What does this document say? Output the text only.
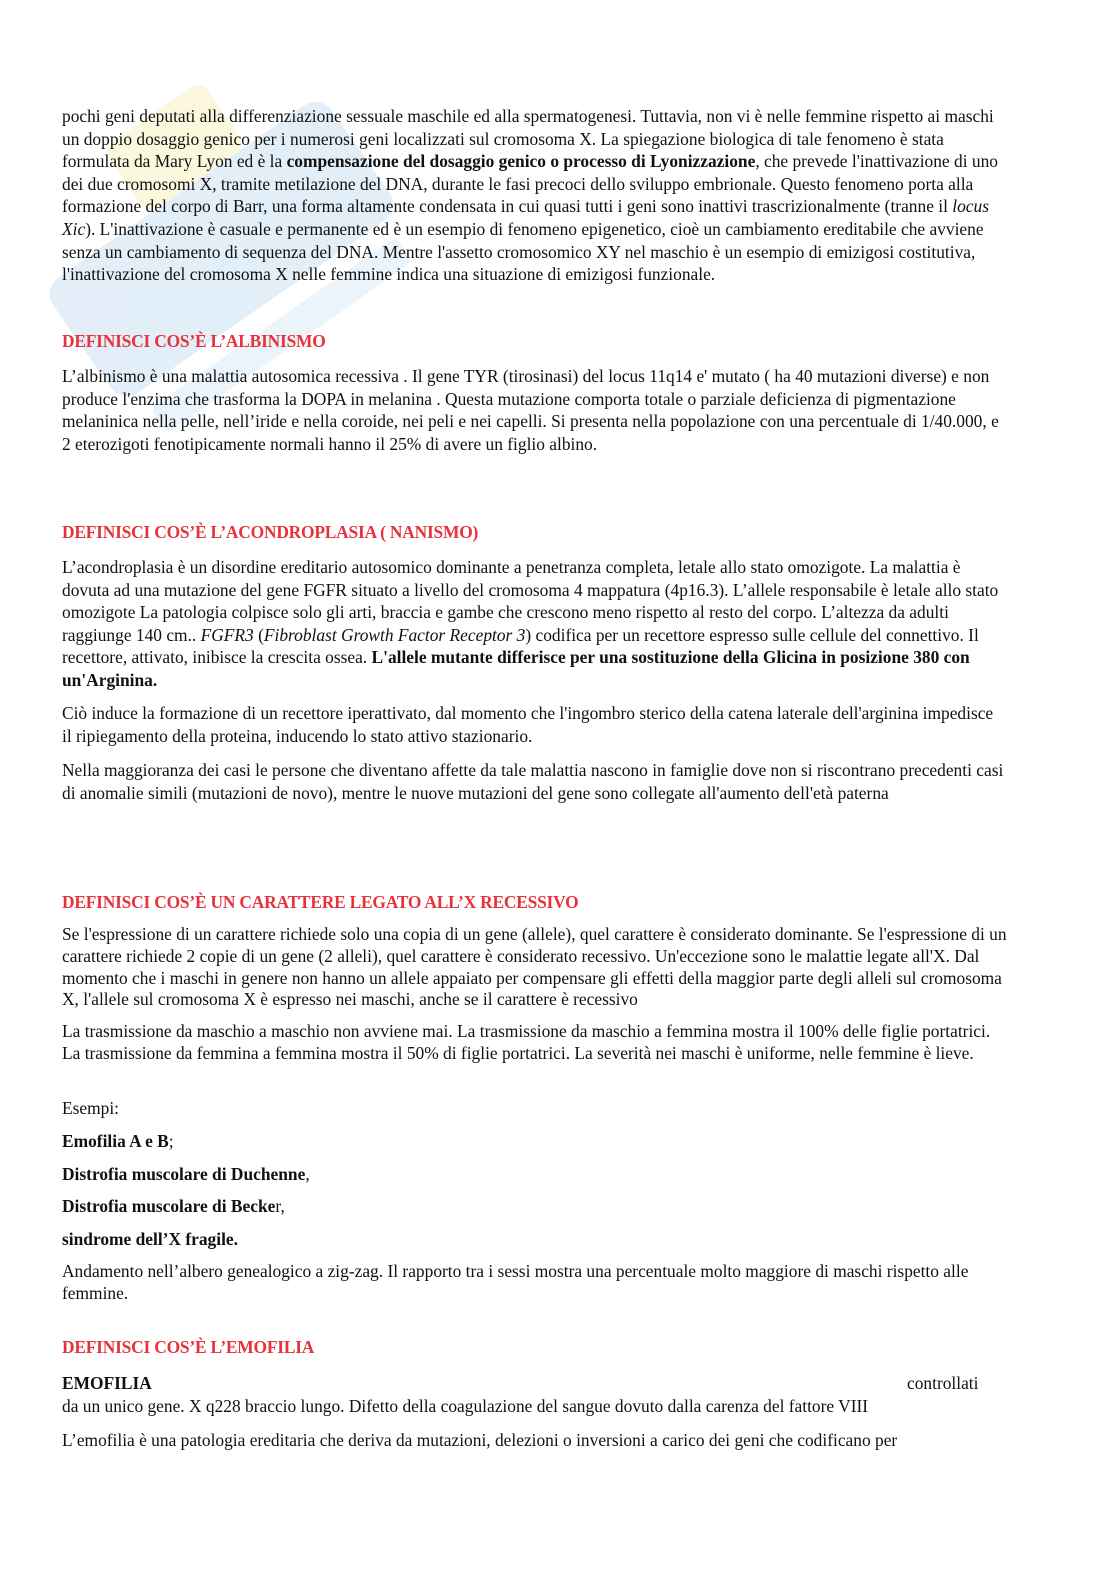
pochi geni deputati alla differenziazione sessuale maschile ed alla spermatogenesi. Tuttavia, non vi è nelle femmine rispetto ai maschi un doppio dosaggio genico per i numerosi geni localizzati sul cromosoma X. La spiegazione biologica di tale fenomeno è stata formulata da Mary Lyon ed è la compensazione del dosaggio genico o processo di Lyonizzazione, che prevede l'inattivazione di uno dei due cromosomi X, tramite metilazione del DNA, durante le fasi precoci dello sviluppo embrionale. Questo fenomeno porta alla formazione del corpo di Barr, una forma altamente condensata in cui quasi tutti i geni sono inattivi trascrizionalmente (tranne il locus Xic). L'inattivazione è casuale e permanente ed è un esempio di fenomeno epigenetico, cioè un cambiamento ereditabile che avviene senza un cambiamento di sequenza del DNA. Mentre l'assetto cromosomico XY nel maschio è un esempio di emizigosi costitutiva, l'inattivazione del cromosoma X nelle femmine indica una situazione di emizigosi funzionale.
DEFINISCI COS’È L’ALBINISMO
L’albinismo è una malattia autosomica recessiva . Il gene TYR (tirosinasi) del locus 11q14 e' mutato ( ha 40 mutazioni diverse) e non produce l'enzima che trasforma la DOPA in melanina . Questa mutazione comporta totale o parziale deficienza di pigmentazione melaninica nella pelle, nell’iride e nella coroide, nei peli e nei capelli. Si presenta nella popolazione con una percentuale di 1/40.000, e 2 eterozigoti fenotipicamente normali hanno il 25% di avere un figlio albino.
DEFINISCI COS’È L’ACONDROPLASIA ( NANISMO)
L’acondroplasia è un disordine ereditario autosomico dominante a penetranza completa, letale allo stato omozigote. La malattia è dovuta ad una mutazione del gene FGFR situato a livello del cromosoma 4 mappatura (4p16.3). L’allele responsabile è letale allo stato omozigote La patologia colpisce solo gli arti, braccia e gambe che crescono meno rispetto al resto del corpo. L’altezza da adulti raggiunge 140 cm.. FGFR3 (Fibroblast Growth Factor Receptor 3) codifica per un recettore espresso sulle cellule del connettivo. Il recettore, attivato, inibisce la crescita ossea. L'allele mutante differisce per una sostituzione della Glicina in posizione 380 con un'Arginina.
Ciò induce la formazione di un recettore iperattivato, dal momento che l'ingombro sterico della catena laterale dell'arginina impedisce il ripiegamento della proteina, inducendo lo stato attivo stazionario.
Nella maggioranza dei casi le persone che diventano affette da tale malattia nascono in famiglie dove non si riscontrano precedenti casi di anomalie simili (mutazioni de novo), mentre le nuove mutazioni del gene sono collegate all'aumento dell'età paterna
DEFINISCI COS’È UN CARATTERE LEGATO ALL’X RECESSIVO
Se l'espressione di un carattere richiede solo una copia di un gene (allele), quel carattere è considerato dominante. Se l'espressione di un carattere richiede 2 copie di un gene (2 alleli), quel carattere è considerato recessivo. Un'eccezione sono le malattie legate all'X. Dal momento che i maschi in genere non hanno un allele appaiato per compensare gli effetti della maggior parte degli alleli sul cromosoma X, l'allele sul cromosoma X è espresso nei maschi, anche se il carattere è recessivo
La trasmissione da maschio a maschio non avviene mai. La trasmissione da maschio a femmina mostra il 100% delle figlie portatrici. La trasmissione da femmina a femmina mostra il 50% di figlie portatrici. La severità nei maschi è uniforme, nelle femmine è lieve.
Esempi:
Emofilia A e B;
Distrofia muscolare di Duchenne,
Distrofia muscolare di Becker,
sindrome dell’X fragile.
Andamento nell’albero genealogico a zig-zag. Il rapporto tra i sessi mostra una percentuale molto maggiore di maschi rispetto alle femmine.
DEFINISCI COS’È L’EMOFILIA
EMOFILIA	controllati
da un unico gene. X q228 braccio lungo. Difetto della coagulazione del sangue dovuto dalla carenza del fattore VIII
L’emofilia è una patologia ereditaria che deriva da mutazioni, delezioni o inversioni a carico dei geni che codificano per
